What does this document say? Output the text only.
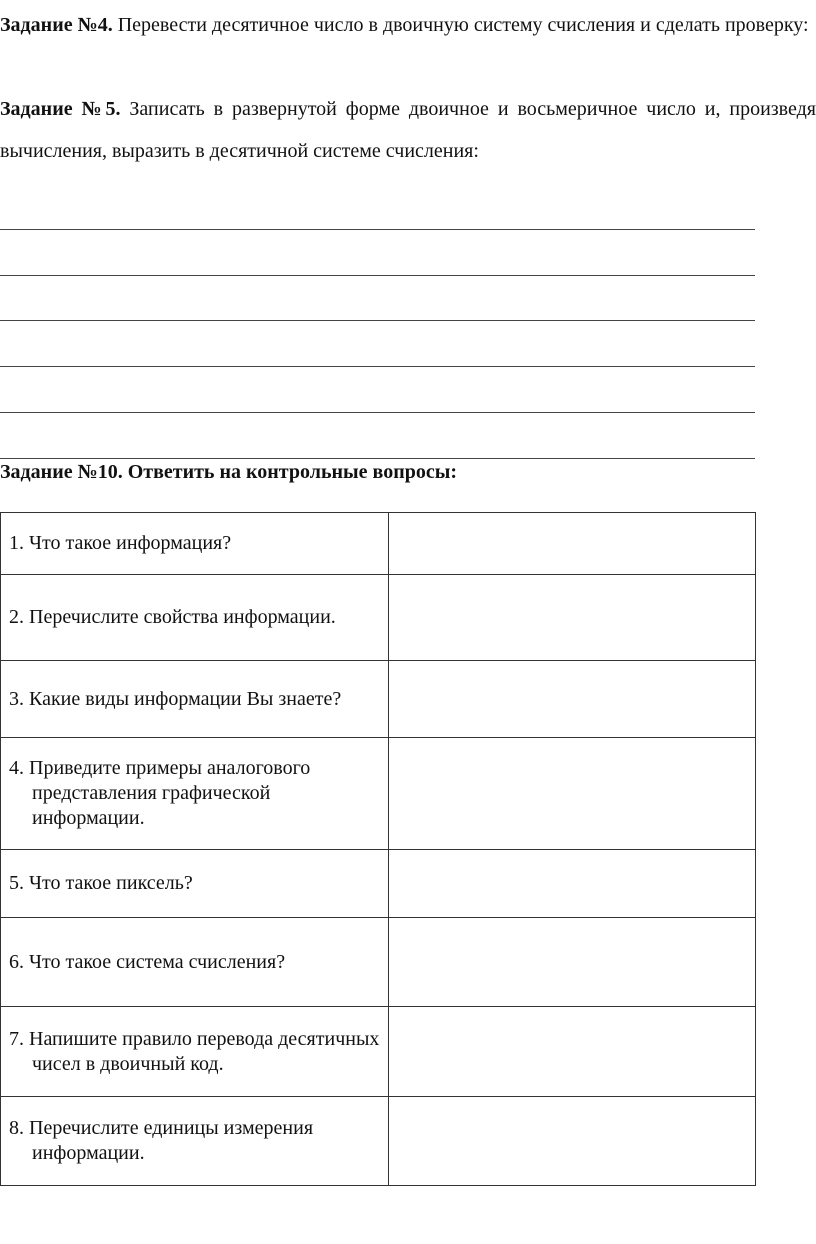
Задание №4. Перевести десятичное число в двоичную систему счисления и сделать проверку:

Задание №5. Записать в развернутой форме двоичное и восьмеричное число и, произведя вычисления, выразить в десятичной системе счисления:

Задание №10. Ответить на контрольные вопросы:

1. Что такое информация?	

2. Перечислите свойства информации.	

3. Какие виды информации Вы знаете?	

4. Приведите примеры аналогового представления графической информации.	

5. Что такое пиксель?	

6. Что такое система счисления?	

7. Напишите правило перевода десятичных чисел в двоичный код.	

8. Перечислите единицы измерения информации.	
